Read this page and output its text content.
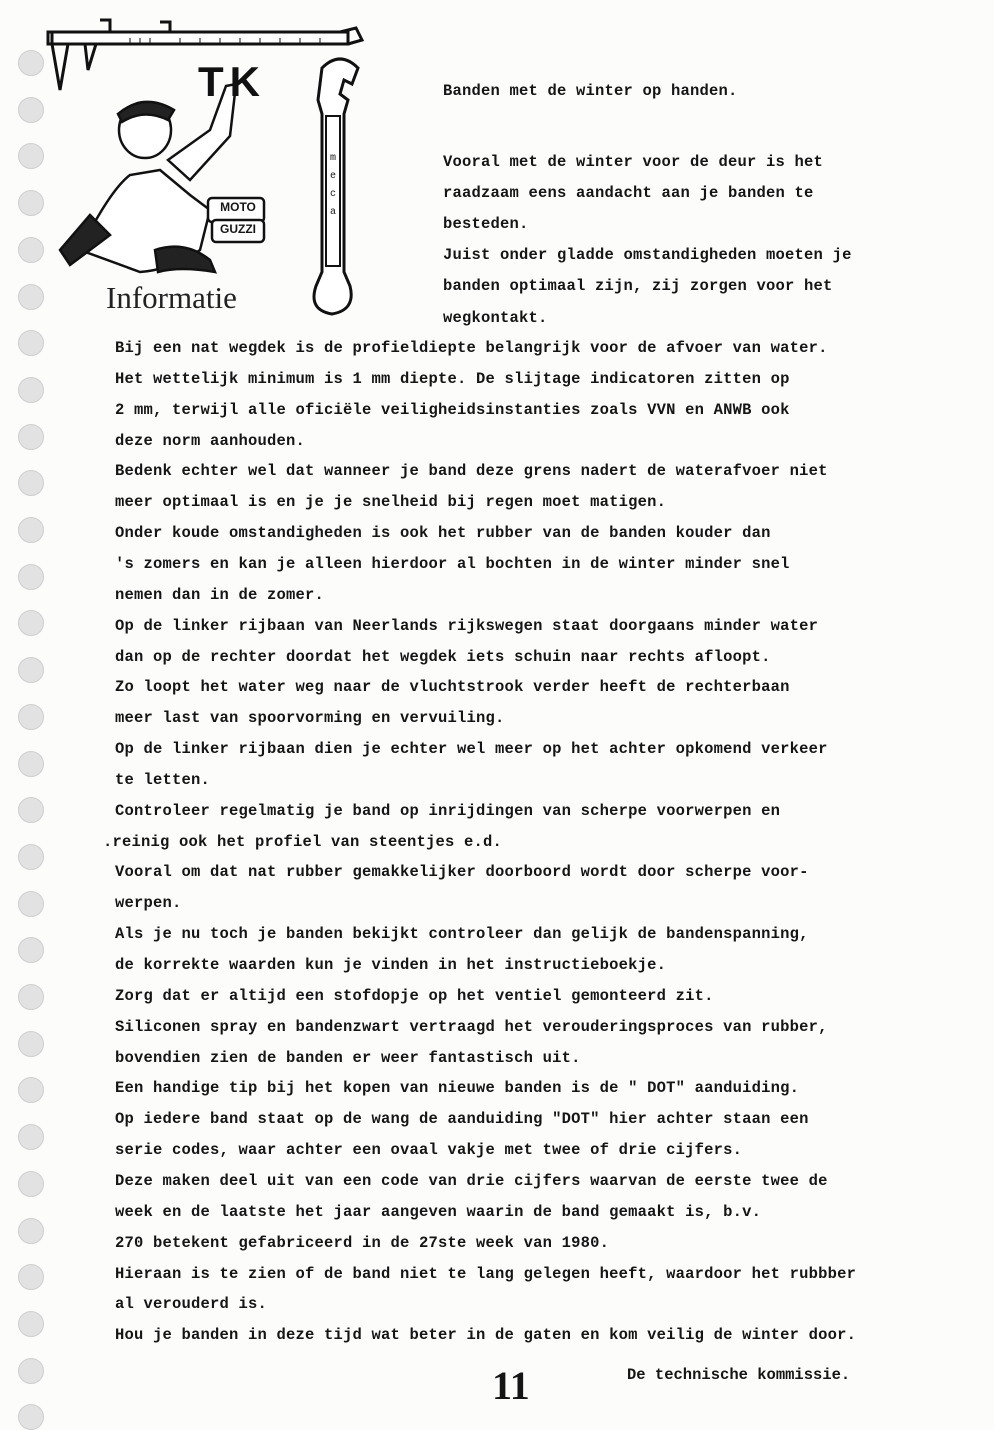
TK
MOTO GUZZI
meca
Informatie
Banden met de winter op handen.
Vooral met de winter voor de deur is het
raadzaam eens aandacht aan je banden te
besteden.
Juist onder gladde omstandigheden moeten je
banden optimaal zijn, zij zorgen voor het
wegkontakt.
Bij een nat wegdek is de profieldiepte belangrijk voor de afvoer van water.
Het wettelijk minimum is 1 mm diepte. De slijtage indicatoren zitten op
2 mm, terwijl alle oficiële veiligheidsinstanties zoals VVN en ANWB ook
deze norm aanhouden.
Bedenk echter wel dat wanneer je band deze grens nadert de waterafvoer niet
meer optimaal is en je je snelheid bij regen moet matigen.
Onder koude omstandigheden is ook het rubber van de banden kouder dan
's zomers en kan je alleen hierdoor al bochten in de winter minder snel
nemen dan in de zomer.
Op de linker rijbaan van Neerlands rijkswegen staat doorgaans minder water
dan op de rechter doordat het wegdek iets schuin naar rechts afloopt.
Zo loopt het water weg naar de vluchtstrook verder heeft de rechterbaan
meer last van spoorvorming en vervuiling.
Op de linker rijbaan dien je echter wel meer op het achter opkomend verkeer
te letten.
Controleer regelmatig je band op inrijdingen van scherpe voorwerpen en
.reinig ook het profiel van steentjes e.d.
Vooral om dat nat rubber gemakkelijker doorboord wordt door scherpe voor-
werpen.
Als je nu toch je banden bekijkt controleer dan gelijk de bandenspanning,
de korrekte waarden kun je vinden in het instructieboekje.
Zorg dat er altijd een stofdopje op het ventiel gemonteerd zit.
Siliconen spray en bandenzwart vertraagd het verouderingsproces van rubber,
bovendien zien de banden er weer fantastisch uit.
Een handige tip bij het kopen van nieuwe banden is de " DOT" aanduiding.
Op iedere band staat op de wang de aanduiding "DOT" hier achter staan een
serie codes, waar achter een ovaal vakje met twee of drie cijfers.
Deze maken deel uit van een code van drie cijfers waarvan de eerste twee de
week en de laatste het jaar aangeven waarin de band gemaakt is, b.v.
270 betekent gefabriceerd in de 27ste week van 1980.
Hieraan is te zien of de band niet te lang gelegen heeft, waardoor het rubbber
al verouderd is.
Hou je banden in deze tijd wat beter in de gaten en kom veilig de winter door.
11	De technische kommissie.
